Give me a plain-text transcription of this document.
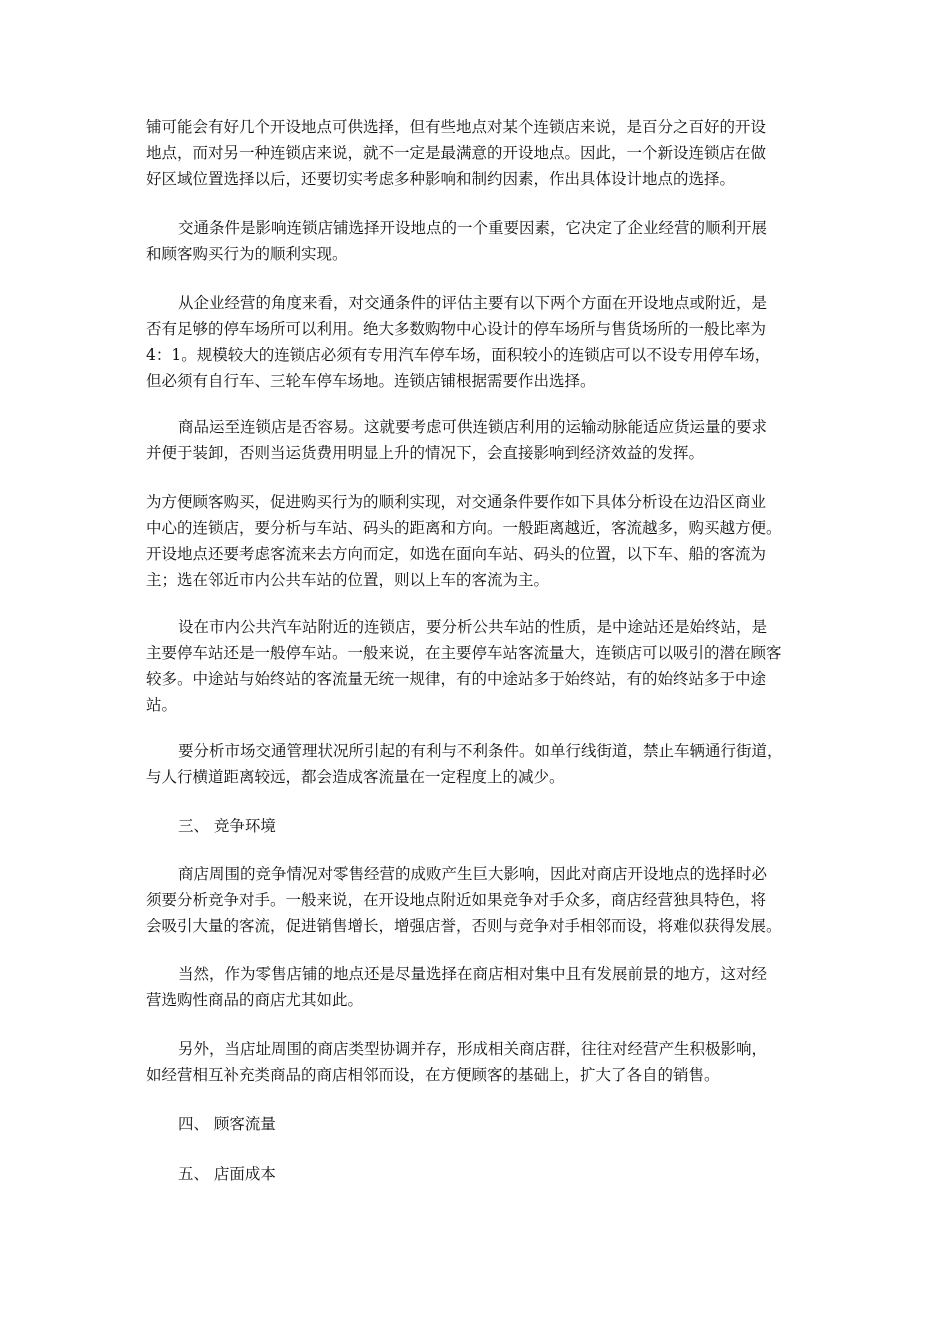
铺可能会有好几个开设地点可供选择，但有些地点对某个连锁店来说，是百分之百好的开设
地点，而对另一种连锁店来说，就不一定是最满意的开设地点。因此，一个新设连锁店在做
好区域位置选择以后，还要切实考虑多种影响和制约因素，作出具体设计地点的选择。

交通条件是影响连锁店铺选择开设地点的一个重要因素，它决定了企业经营的顺利开展
和顾客购买行为的顺利实现。

从企业经营的角度来看，对交通条件的评估主要有以下两个方面在开设地点或附近，是
否有足够的停车场所可以利用。绝大多数购物中心设计的停车场所与售货场所的一般比率为
4：1。规模较大的连锁店必须有专用汽车停车场，面积较小的连锁店可以不设专用停车场，
但必须有自行车、三轮车停车场地。连锁店铺根据需要作出选择。

商品运至连锁店是否容易。这就要考虑可供连锁店利用的运输动脉能适应货运量的要求
并便于装卸，否则当运货费用明显上升的情况下，会直接影响到经济效益的发挥。

为方便顾客购买，促进购买行为的顺利实现，对交通条件要作如下具体分析设在边沿区商业
中心的连锁店，要分析与车站、码头的距离和方向。一般距离越近，客流越多，购买越方便。
开设地点还要考虑客流来去方向而定，如选在面向车站、码头的位置，以下车、船的客流为
主；选在邻近市内公共车站的位置，则以上车的客流为主。

设在市内公共汽车站附近的连锁店，要分析公共车站的性质，是中途站还是始终站，是
主要停车站还是一般停车站。一般来说，在主要停车站客流量大，连锁店可以吸引的潜在顾客
较多。中途站与始终站的客流量无统一规律，有的中途站多于始终站，有的始终站多于中途
站。

要分析市场交通管理状况所引起的有利与不利条件。如单行线街道，禁止车辆通行街道，
与人行横道距离较远，都会造成客流量在一定程度上的减少。

三、 竞争环境

商店周围的竞争情况对零售经营的成败产生巨大影响，因此对商店开设地点的选择时必
须要分析竞争对手。一般来说，在开设地点附近如果竞争对手众多，商店经营独具特色，将
会吸引大量的客流，促进销售增长，增强店誉，否则与竞争对手相邻而设，将难似获得发展。

当然，作为零售店铺的地点还是尽量选择在商店相对集中且有发展前景的地方，这对经
营选购性商品的商店尤其如此。

另外，当店址周围的商店类型协调并存，形成相关商店群，往往对经营产生积极影响，
如经营相互补充类商品的商店相邻而设，在方便顾客的基础上，扩大了各自的销售。

四、 顾客流量

五、 店面成本
